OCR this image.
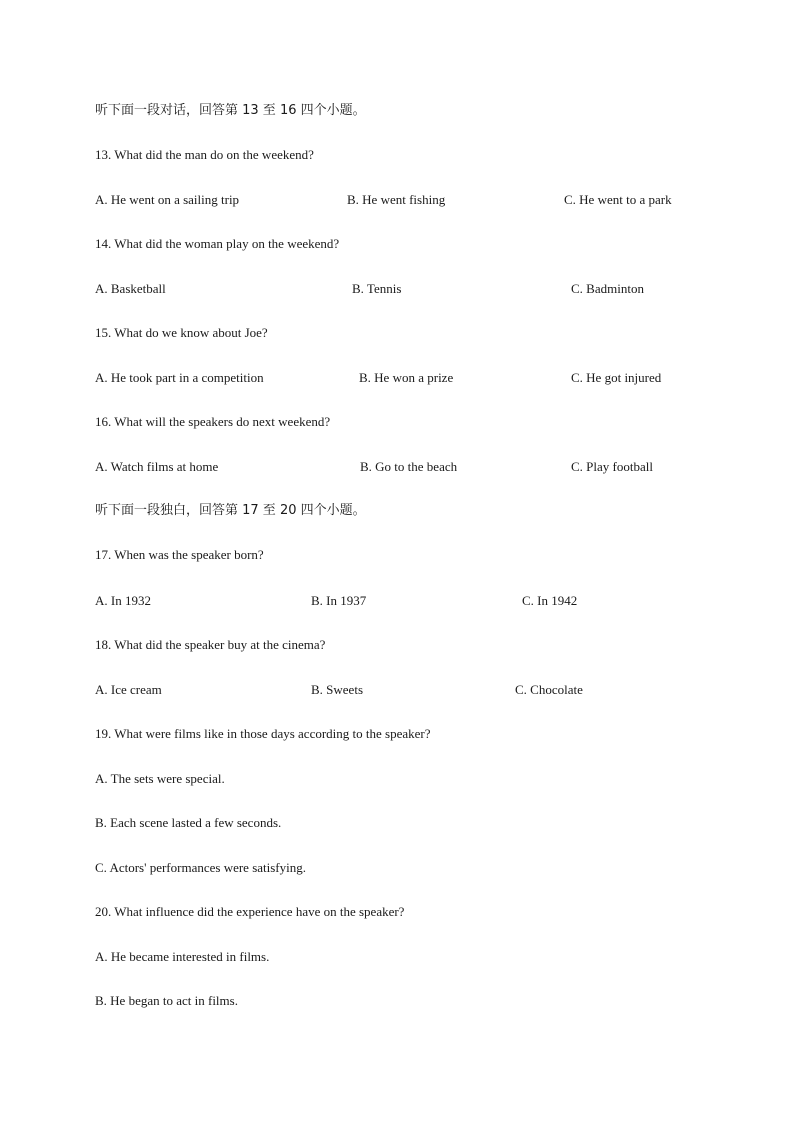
听下面一段对话，回答第 13 至 16 四个小题。
13. What did the man do on the weekend?
A. He went on a sailing trip	B. He went fishing	C. He went to a park
14. What did the woman play on the weekend?
A. Basketball	B. Tennis	C. Badminton
15. What do we know about Joe?
A. He took part in a competition	B. He won a prize	C. He got injured
16. What will the speakers do next weekend?
A. Watch films at home	B. Go to the beach	C. Play football
听下面一段独白，回答第 17 至 20 四个小题。
17. When was the speaker born?
A. In 1932	B. In 1937	C. In 1942
18. What did the speaker buy at the cinema?
A. Ice cream	B. Sweets	C. Chocolate
19. What were films like in those days according to the speaker?
A. The sets were special.
B. Each scene lasted a few seconds.
C. Actors' performances were satisfying.
20. What influence did the experience have on the speaker?
A. He became interested in films.
B. He began to act in films.
